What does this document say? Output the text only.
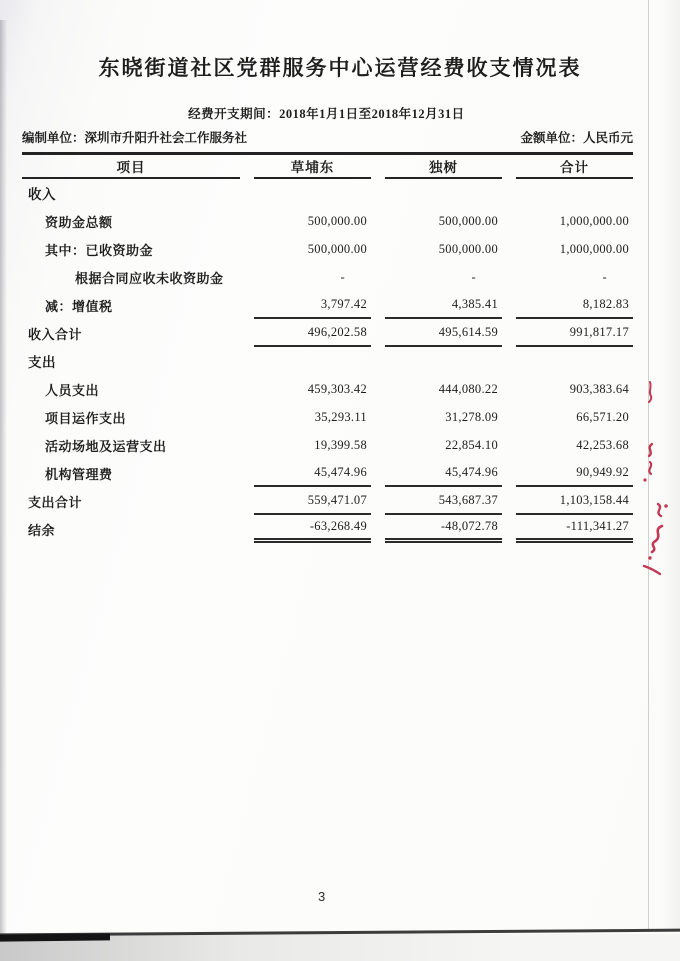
东晓街道社区党群服务中心运营经费收支情况表
经费开支期间：2018年1月1日至2018年12月31日
编制单位：深圳市升阳升社会工作服务社	金额单位：人民币元
项目	草埔东	独树	合计
收入
资助金总额	500,000.00	500,000.00	1,000,000.00
其中：已收资助金	500,000.00	500,000.00	1,000,000.00
根据合同应收未收资助金	-	-	-
减：增值税	3,797.42	4,385.41	8,182.83
收入合计	496,202.58	495,614.59	991,817.17
支出
人员支出	459,303.42	444,080.22	903,383.64
项目运作支出	35,293.11	31,278.09	66,571.20
活动场地及运营支出	19,399.58	22,854.10	42,253.68
机构管理费	45,474.96	45,474.96	90,949.92
支出合计	559,471.07	543,687.37	1,103,158.44
结余	-63,268.49	-48,072.78	-111,341.27
3
